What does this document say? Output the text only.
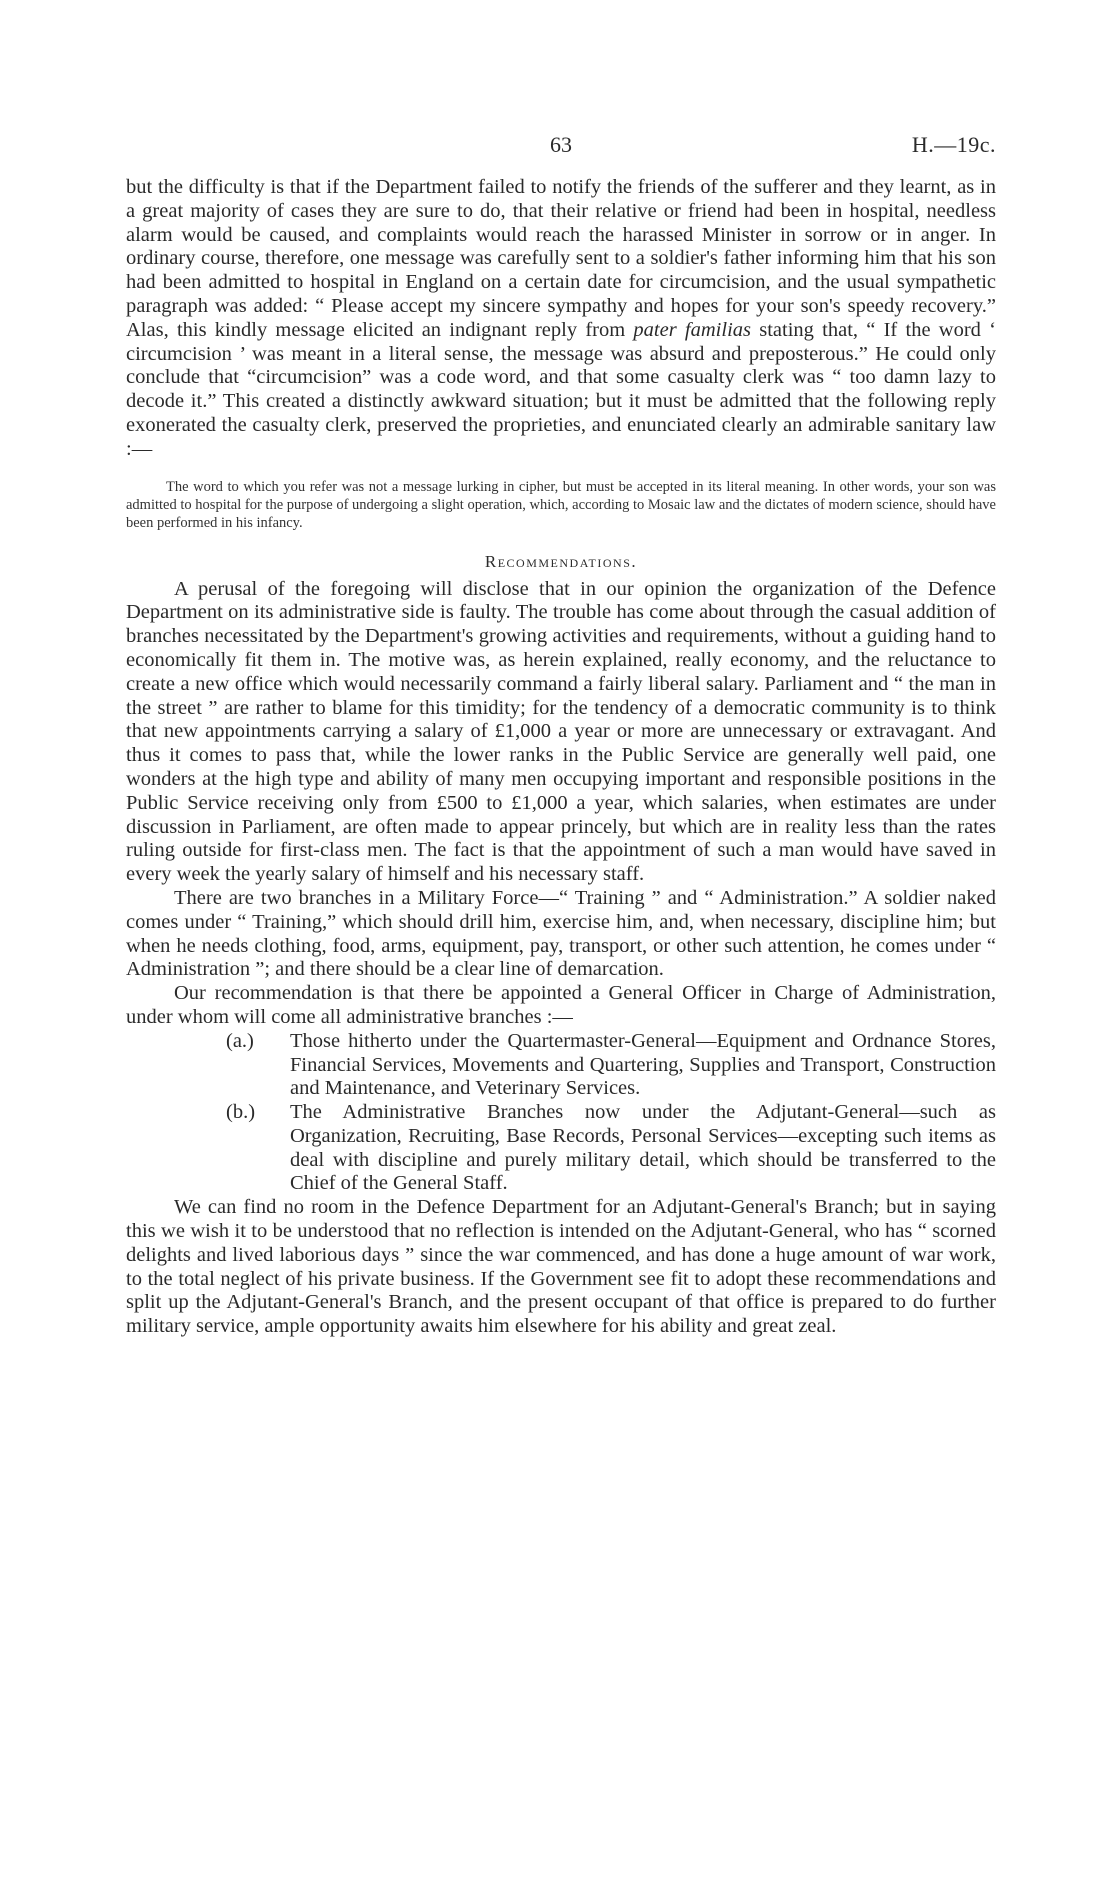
63	H.—19c.

but the difficulty is that if the Department failed to notify the friends of the sufferer and they learnt, as in a great majority of cases they are sure to do, that their relative or friend had been in hospital, needless alarm would be caused, and complaints would reach the harassed Minister in sorrow or in anger. In ordinary course, therefore, one message was carefully sent to a soldier's father informing him that his son had been admitted to hospital in England on a certain date for circumcision, and the usual sympathetic paragraph was added: “ Please accept my sincere sympathy and hopes for your son's speedy recovery.” Alas, this kindly message elicited an indignant reply from pater familias stating that, “ If the word ‘ circumcision ’ was meant in a literal sense, the message was absurd and preposterous.” He could only conclude that “circumcision” was a code word, and that some casualty clerk was “ too damn lazy to decode it.” This created a distinctly awkward situation; but it must be admitted that the following reply exonerated the casualty clerk, preserved the proprieties, and enunciated clearly an admirable sanitary law :—

The word to which you refer was not a message lurking in cipher, but must be accepted in its literal meaning. In other words, your son was admitted to hospital for the purpose of undergoing a slight operation, which, according to Mosaic law and the dictates of modern science, should have been performed in his infancy.

Recommendations.

A perusal of the foregoing will disclose that in our opinion the organization of the Defence Department on its administrative side is faulty. The trouble has come about through the casual addition of branches necessitated by the Department's growing activities and requirements, without a guiding hand to economically fit them in. The motive was, as herein explained, really economy, and the reluctance to create a new office which would necessarily command a fairly liberal salary. Parliament and “ the man in the street ” are rather to blame for this timidity; for the tendency of a democratic community is to think that new appointments carrying a salary of £1,000 a year or more are unnecessary or extravagant. And thus it comes to pass that, while the lower ranks in the Public Service are generally well paid, one wonders at the high type and ability of many men occupying important and responsible positions in the Public Service receiving only from £500 to £1,000 a year, which salaries, when estimates are under discussion in Parliament, are often made to appear princely, but which are in reality less than the rates ruling outside for first-class men. The fact is that the appointment of such a man would have saved in every week the yearly salary of himself and his necessary staff.

There are two branches in a Military Force—“ Training ” and “ Administration.” A soldier naked comes under “ Training,” which should drill him, exercise him, and, when necessary, discipline him; but when he needs clothing, food, arms, equipment, pay, transport, or other such attention, he comes under “ Administration ”; and there should be a clear line of demarcation.

Our recommendation is that there be appointed a General Officer in Charge of Administration, under whom will come all administrative branches :—

(a.) Those hitherto under the Quartermaster-General—Equipment and Ordnance Stores, Financial Services, Movements and Quartering, Supplies and Transport, Construction and Maintenance, and Veterinary Services.
(b.) The Administrative Branches now under the Adjutant-General—such as Organization, Recruiting, Base Records, Personal Services—excepting such items as deal with discipline and purely military detail, which should be transferred to the Chief of the General Staff.

We can find no room in the Defence Department for an Adjutant-General's Branch; but in saying this we wish it to be understood that no reflection is intended on the Adjutant-General, who has “ scorned delights and lived laborious days ” since the war commenced, and has done a huge amount of war work, to the total neglect of his private business. If the Government see fit to adopt these recommendations and split up the Adjutant-General's Branch, and the present occupant of that office is prepared to do further military service, ample opportunity awaits him elsewhere for his ability and great zeal.
